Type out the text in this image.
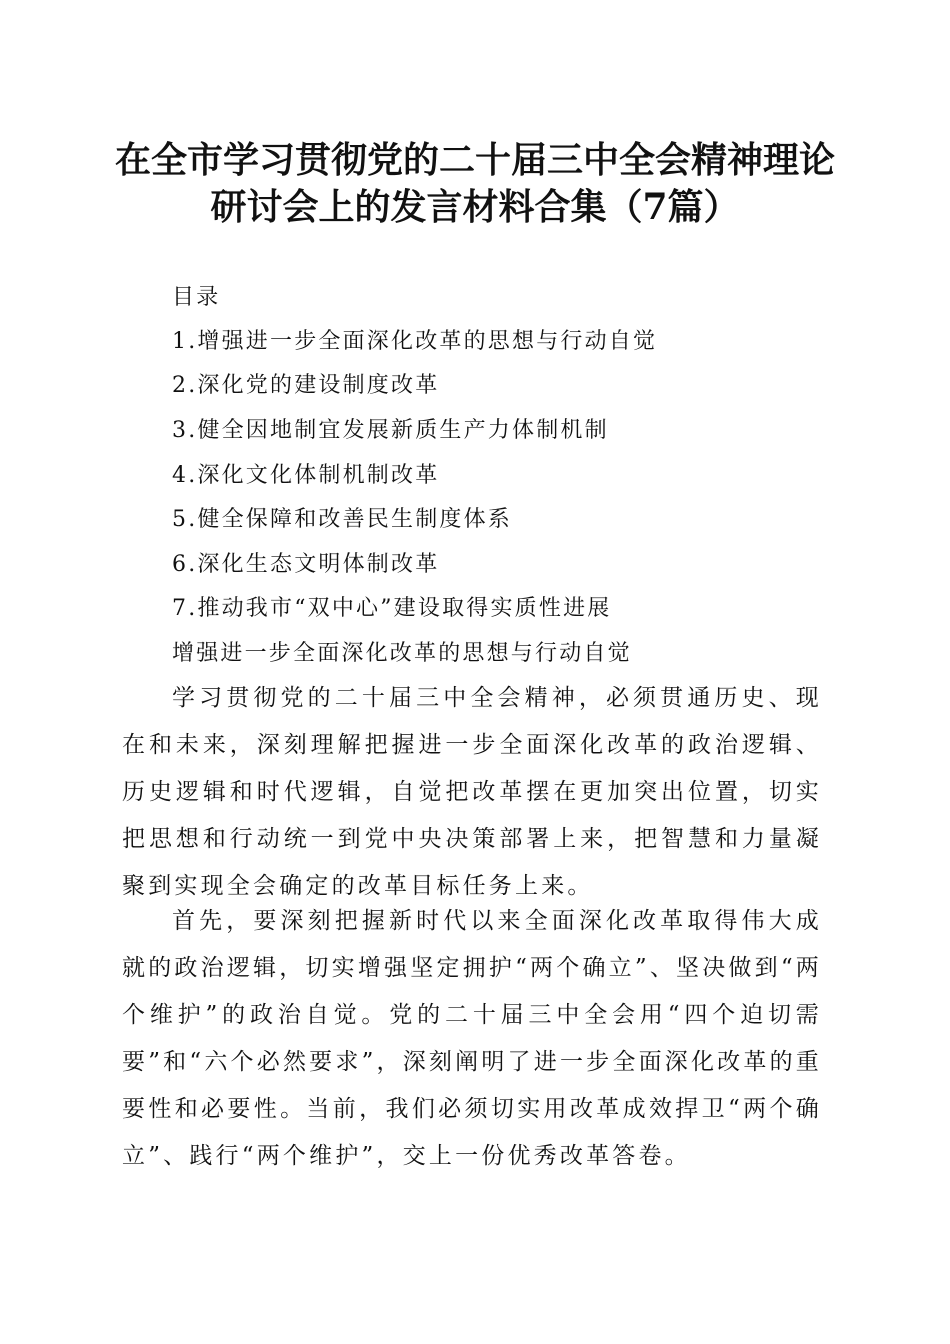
在全市学习贯彻党的二十届三中全会精神理论
研讨会上的发言材料合集（7篇）
目录
1.增强进一步全面深化改革的思想与行动自觉
2.深化党的建设制度改革
3.健全因地制宜发展新质生产力体制机制
4.深化文化体制机制改革
5.健全保障和改善民生制度体系
6.深化生态文明体制改革
7.推动我市“双中心”建设取得实质性进展
增强进一步全面深化改革的思想与行动自觉

学习贯彻党的二十届三中全会精神，必须贯通历史、现在和未来，深刻理解把握进一步全面深化改革的政治逻辑、历史逻辑和时代逻辑，自觉把改革摆在更加突出位置，切实把思想和行动统一到党中央决策部署上来，把智慧和力量凝聚到实现全会确定的改革目标任务上来。

首先，要深刻把握新时代以来全面深化改革取得伟大成就的政治逻辑，切实增强坚定拥护“两个确立”、坚决做到“两个维护”的政治自觉。党的二十届三中全会用“四个迫切需要”和“六个必然要求”，深刻阐明了进一步全面深化改革的重要性和必要性。当前，我们必须切实用改革成效捍卫“两个确立”、践行“两个维护”，交上一份优秀改革答卷。
